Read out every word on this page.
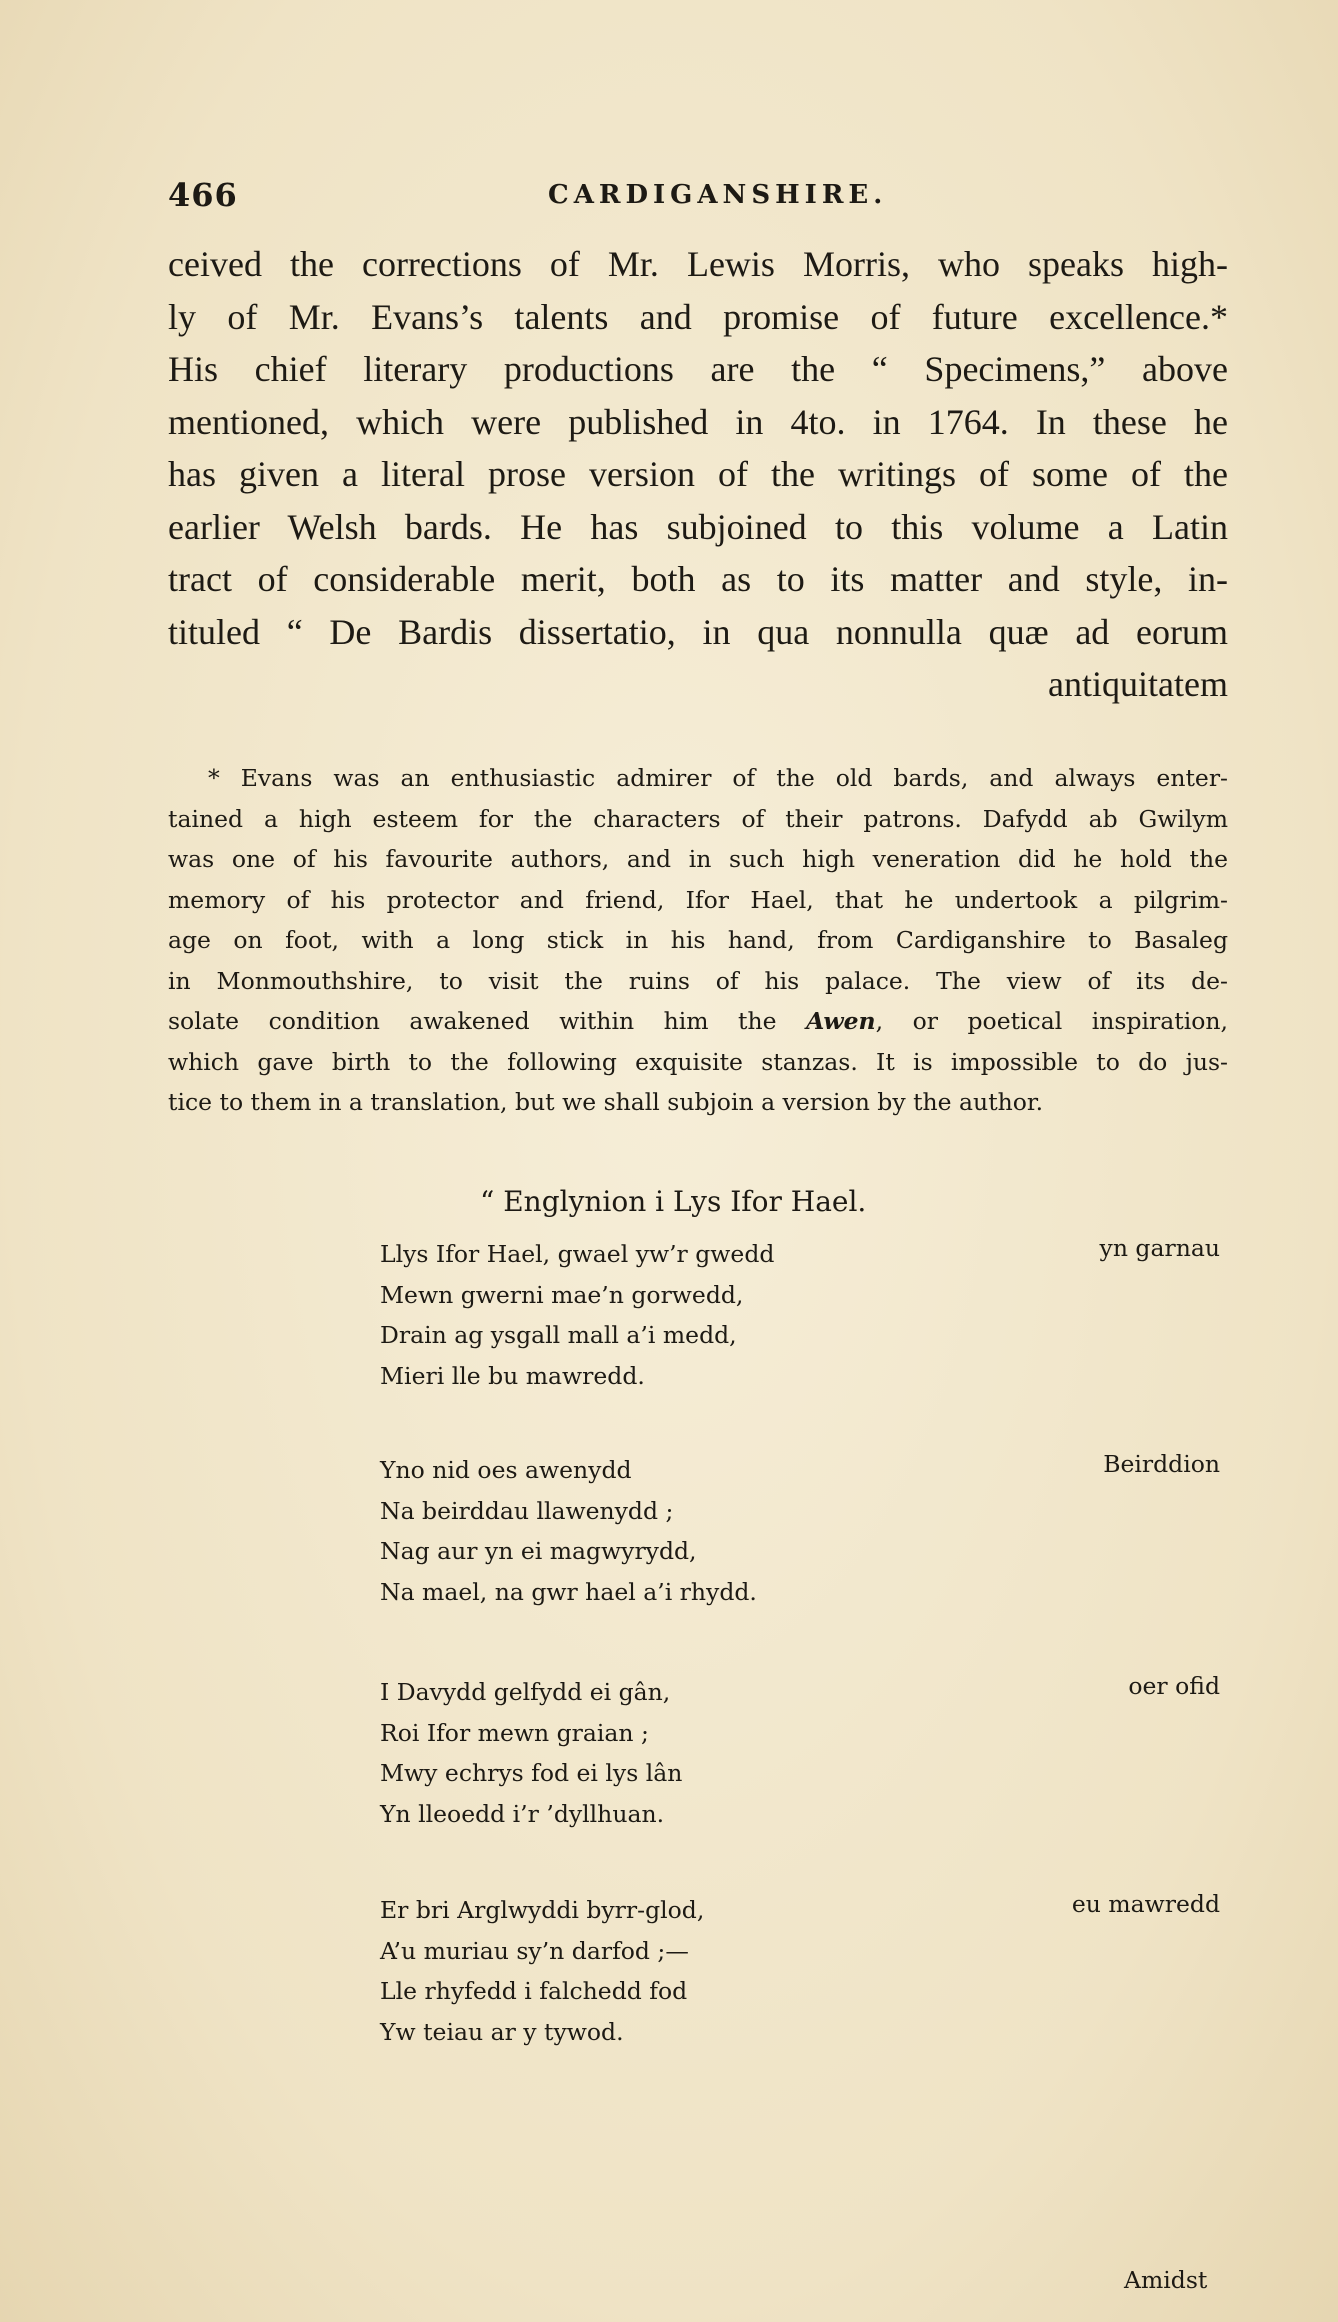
466	CARDIGANSHIRE.
ceived the corrections of Mr. Lewis Morris, who speaks high-
ly of Mr. Evans’s talents and promise of future excellence.*
His chief literary productions are the “ Specimens,” above
mentioned, which were published in 4to. in 1764. In these he
has given a literal prose version of the writings of some of the
earlier Welsh bards. He has subjoined to this volume a Latin
tract of considerable merit, both as to its matter and style, in-
tituled “ De Bardis dissertatio, in qua nonnulla quæ ad eorum
antiquitatem
* Evans was an enthusiastic admirer of the old bards, and always enter-
tained a high esteem for the characters of their patrons. Dafydd ab Gwilym
was one of his favourite authors, and in such high veneration did he hold the
memory of his protector and friend, Ifor Hael, that he undertook a pilgrim-
age on foot, with a long stick in his hand, from Cardiganshire to Basaleg
in Monmouthshire, to visit the ruins of his palace. The view of its de-
solate condition awakened within him the Awen, or poetical inspiration,
which gave birth to the following exquisite stanzas. It is impossible to do jus-
tice to them in a translation, but we shall subjoin a version by the author.
“ Englynion i Lys Ifor Hael.
yn garnau
Llys Ifor Hael, gwael yw’r gwedd
Mewn gwerni mae’n gorwedd,
Drain ag ysgall mall a’i medd,
Mieri lle bu mawredd.
Beirddion
Yno nid oes awenydd
Na beirddau llawenydd ;
Nag aur yn ei magwyrydd,
Na mael, na gwr hael a’i rhydd.
oer ofid
I Davydd gelfydd ei gân,
Roi Ifor mewn graian ;
Mwy echrys fod ei lys lân
Yn lleoedd i’r ’dyllhuan.
eu mawredd
Er bri Arglwyddi byrr-glod,
A’u muriau sy’n darfod ;—
Lle rhyfedd i falchedd fod
Yw teiau ar y tywod.
Amidst
